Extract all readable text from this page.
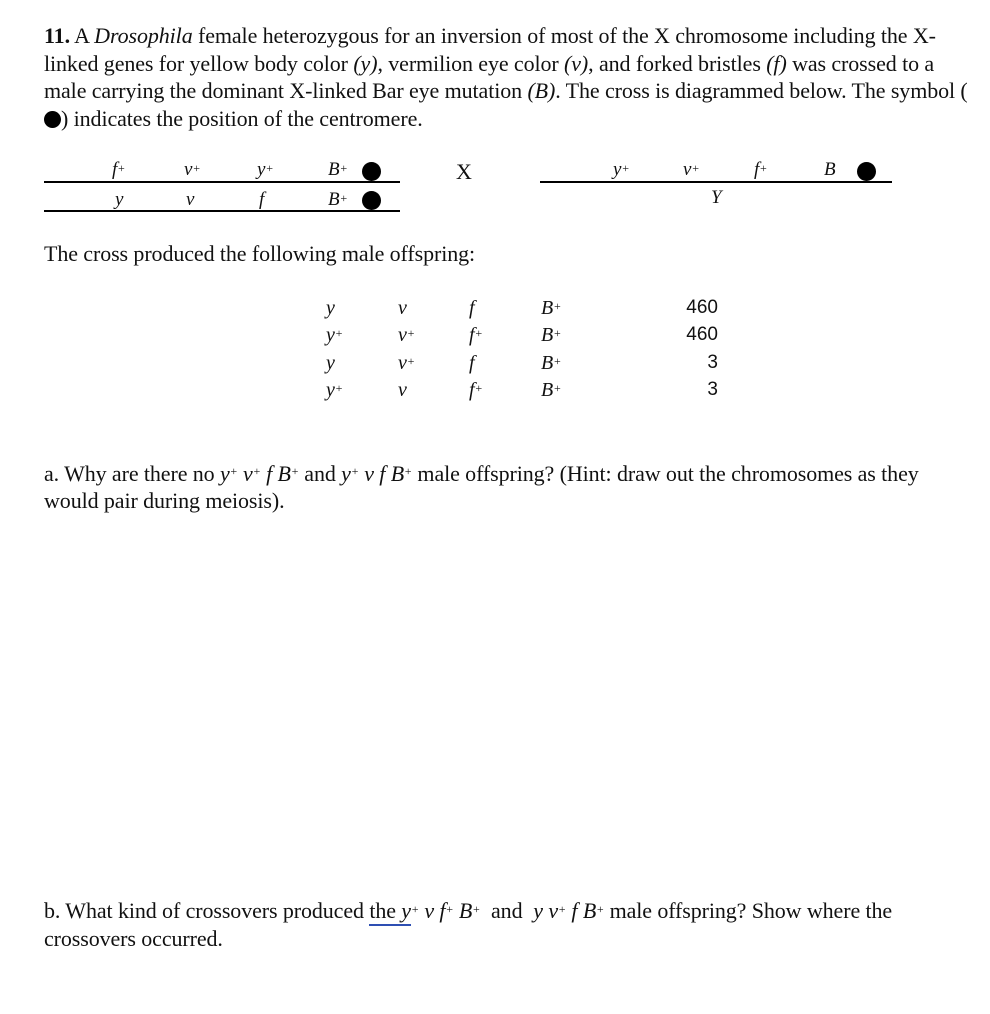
11. A Drosophila female heterozygous for an inversion of most of the X chromosome including the X-linked genes for yellow body color (y), vermilion eye color (v), and forked bristles (f) was crossed to a male carrying the dominant X-linked Bar eye mutation (B). The cross is diagrammed below. The symbol () indicates the position of the centromere.
f+	v+	y+	B+
y	v	f	B+
X	y+	v+	f+	B
Y
The cross produced the following male offspring:
y	v	f	B+	460
y+	v+	f+	B+	460
y	v+	f	B+	3
y+	v	f+	B+	3
a. Why are there no y+ v+ f B+ and y+ v f B+ male offspring? (Hint: draw out the chromosomes as they would pair during meiosis).
b. What kind of crossovers produced the y+ v f+ B+  and  y v+ f B+ male offspring? Show where the crossovers occurred.
